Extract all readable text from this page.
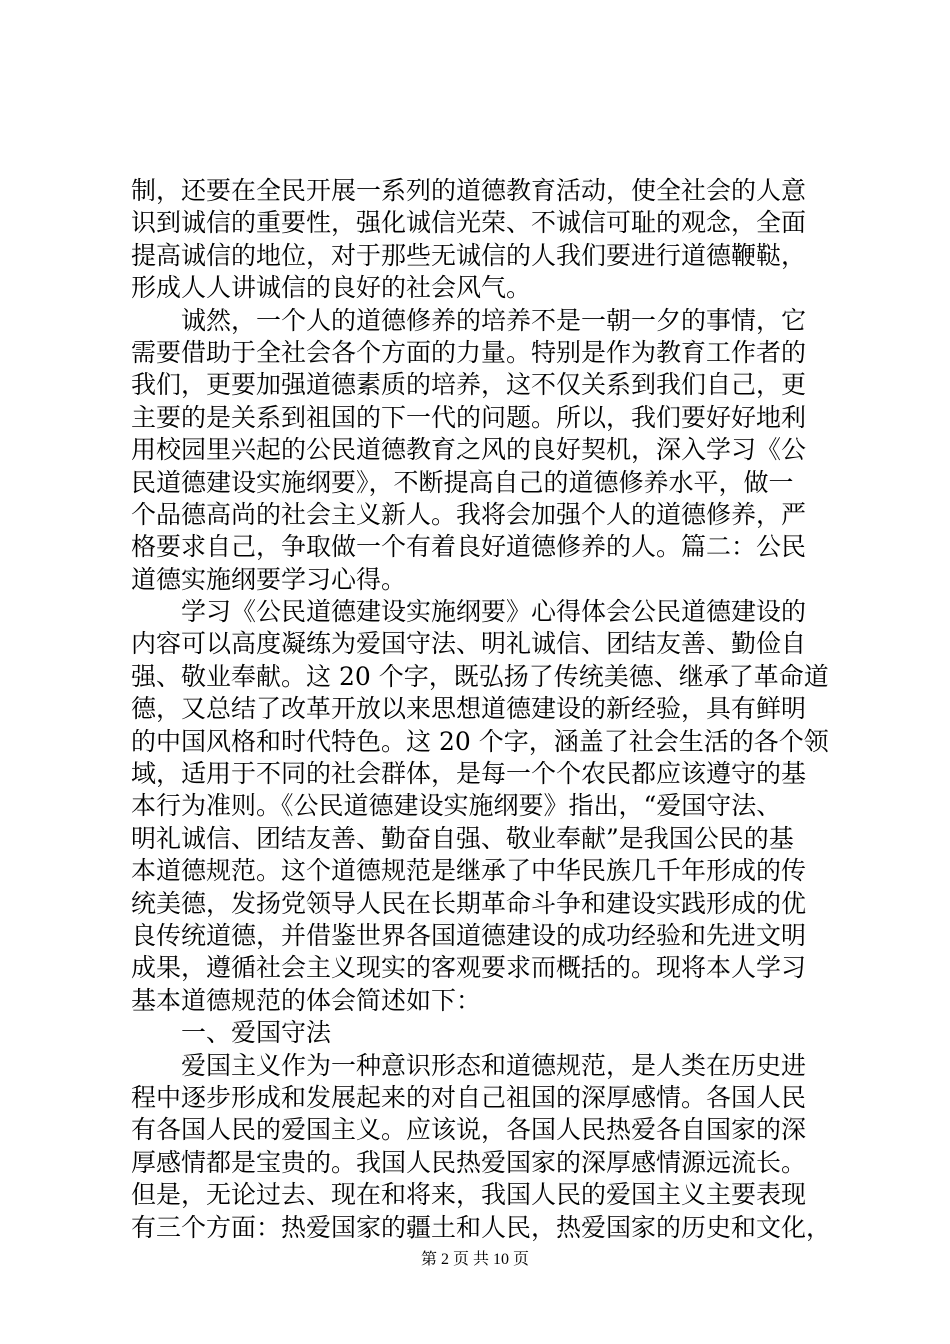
制，还要在全民开展一系列的道德教育活动，使全社会的人意
识到诚信的重要性，强化诚信光荣、不诚信可耻的观念，全面
提高诚信的地位，对于那些无诚信的人我们要进行道德鞭鞑，
形成人人讲诚信的良好的社会风气。
　　诚然，一个人的道德修养的培养不是一朝一夕的事情，它
需要借助于全社会各个方面的力量。特别是作为教育工作者的
我们，更要加强道德素质的培养，这不仅关系到我们自己，更
主要的是关系到祖国的下一代的问题。所以，我们要好好地利
用校园里兴起的公民道德教育之风的良好契机，深入学习《公
民道德建设实施纲要》，不断提高自己的道德修养水平，做一
个品德高尚的社会主义新人。我将会加强个人的道德修养，严
格要求自己，争取做一个有着良好道德修养的人。篇二：公民
道德实施纲要学习心得。
　　学习《公民道德建设实施纲要》心得体会公民道德建设的
内容可以高度凝练为爱国守法、明礼诚信、团结友善、勤俭自
强、敬业奉献。这 20 个字，既弘扬了传统美德、继承了革命道
德，又总结了改革开放以来思想道德建设的新经验，具有鲜明
的中国风格和时代特色。这 20 个字，涵盖了社会生活的各个领
域，适用于不同的社会群体，是每一个个农民都应该遵守的基
本行为准则。《公民道德建设实施纲要》指出，“爱国守法、
明礼诚信、团结友善、勤奋自强、敬业奉献”是我国公民的基
本道德规范。这个道德规范是继承了中华民族几千年形成的传
统美德，发扬党领导人民在长期革命斗争和建设实践形成的优
良传统道德，并借鉴世界各国道德建设的成功经验和先进文明
成果，遵循社会主义现实的客观要求而概括的。现将本人学习
基本道德规范的体会简述如下：
　　一、爱国守法
　　爱国主义作为一种意识形态和道德规范，是人类在历史进
程中逐步形成和发展起来的对自己祖国的深厚感情。各国人民
有各国人民的爱国主义。应该说，各国人民热爱各自国家的深
厚感情都是宝贵的。我国人民热爱国家的深厚感情源远流长。
但是，无论过去、现在和将来，我国人民的爱国主义主要表现
有三个方面：热爱国家的疆土和人民，热爱国家的历史和文化，
第 2 页 共 10 页
